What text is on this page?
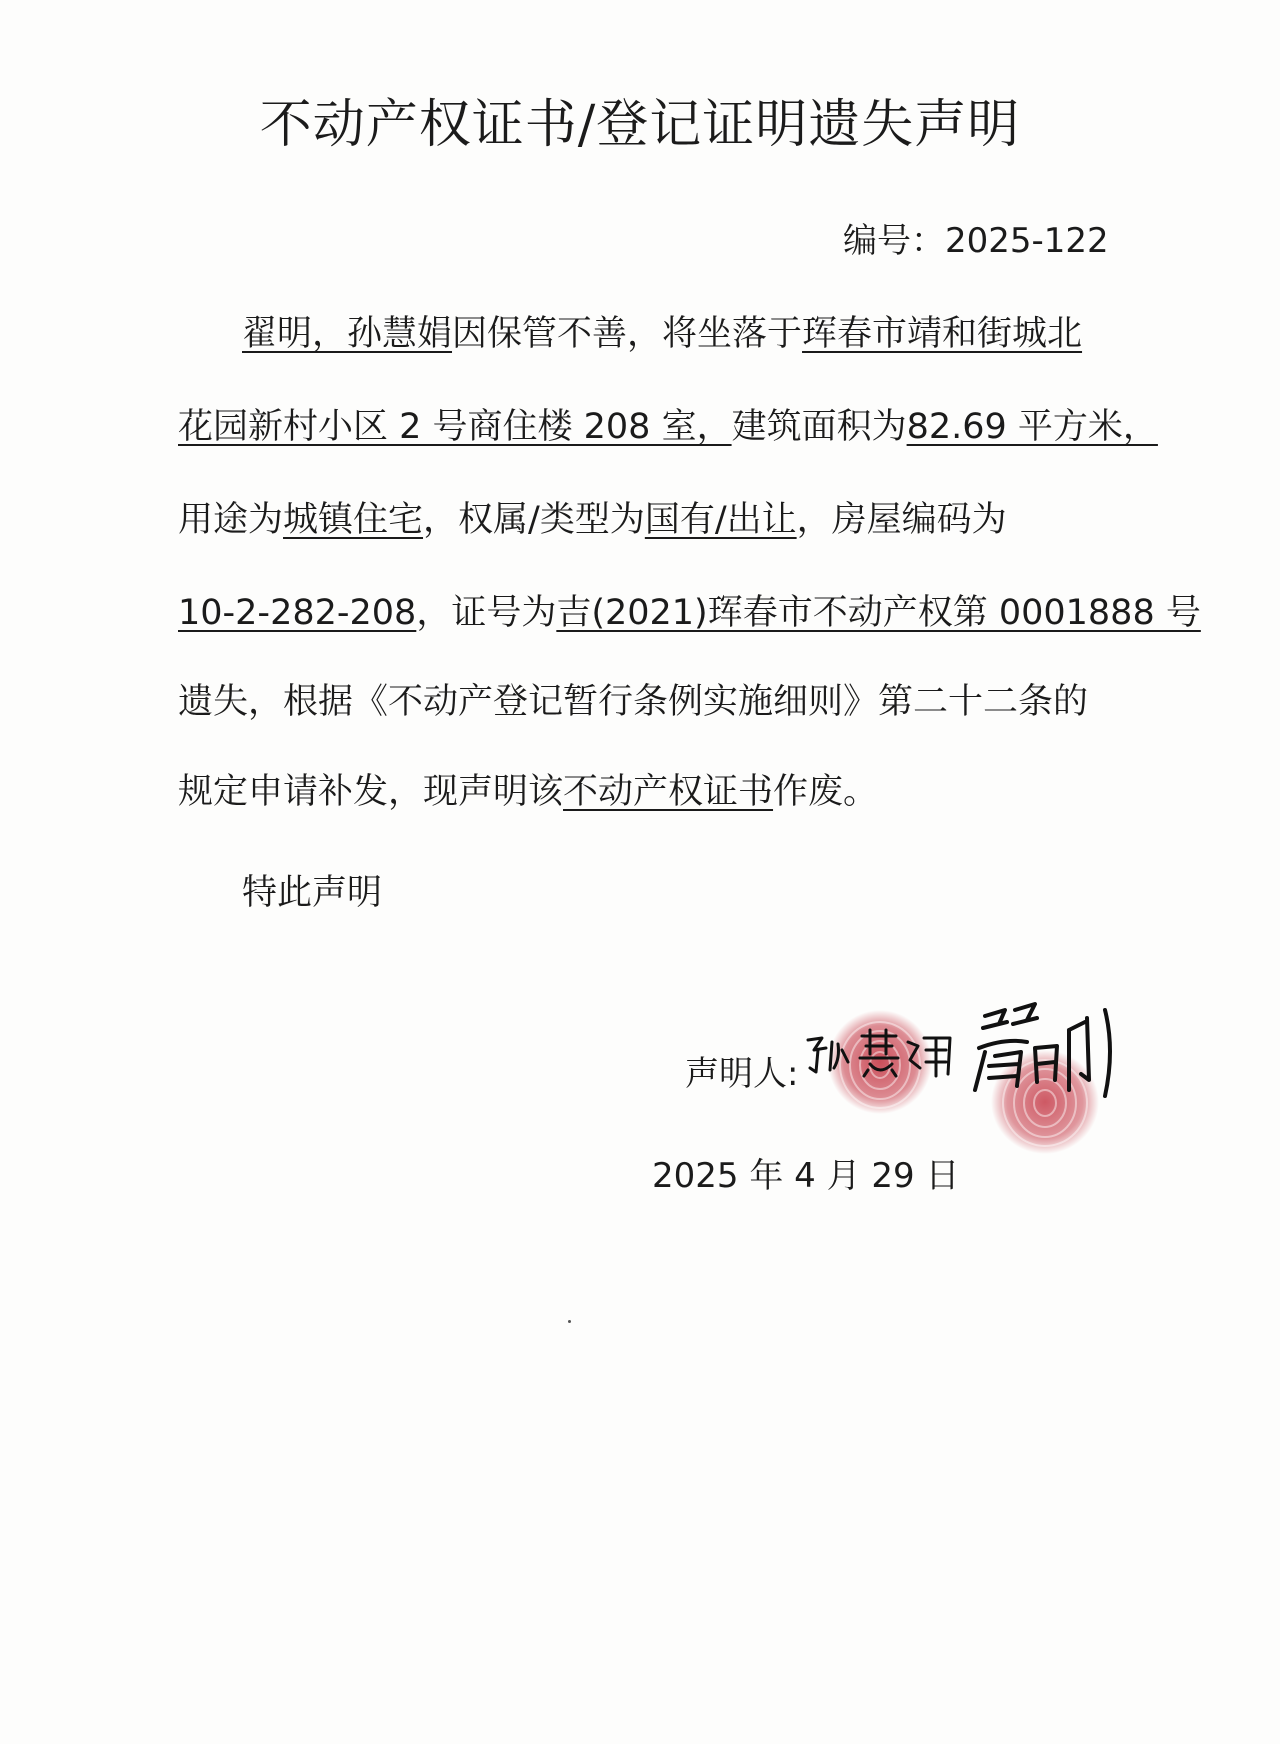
不动产权证书/登记证明遗失声明
编号：2025-122
翟明，孙慧娟因保管不善，将坐落于珲春市靖和街城北
花园新村小区 2 号商住楼 208 室，建筑面积为82.69 平方米，
用途为城镇住宅，权属/类型为国有/出让，房屋编码为
10-2-282-208，证号为吉(2021)珲春市不动产权第 0001888 号
遗失，根据《不动产登记暂行条例实施细则》第二十二条的
规定申请补发，现声明该不动产权证书作废。
特此声明
声明人:
2025 年 4 月 29 日
